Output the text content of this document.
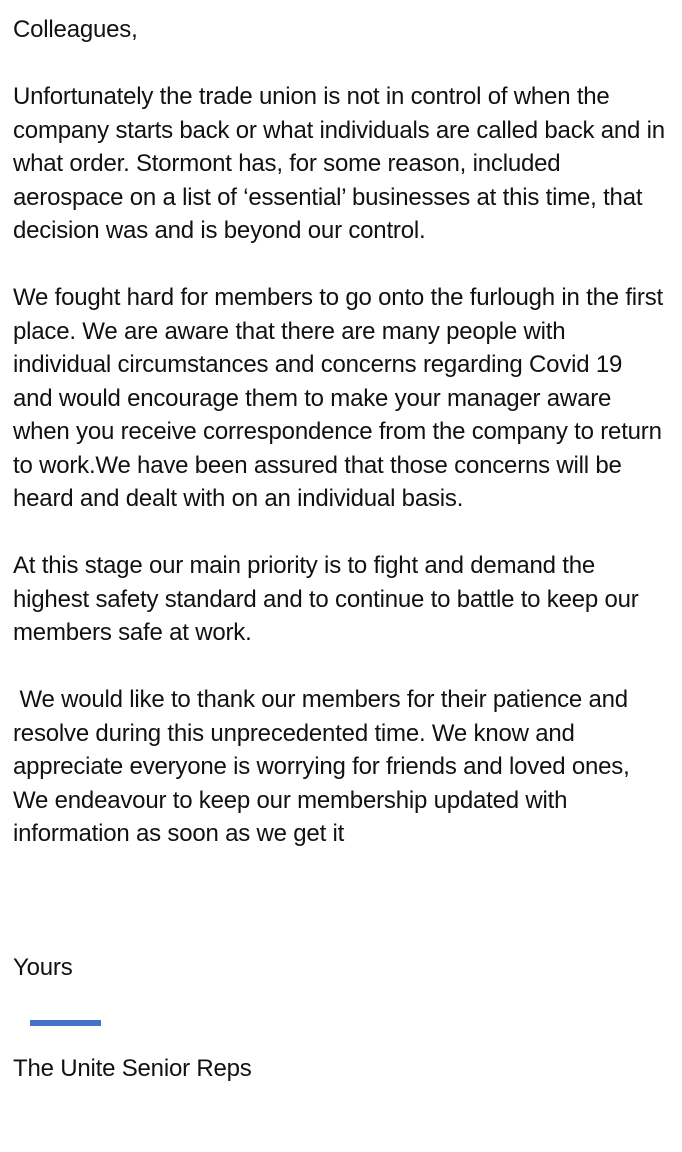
Colleagues,

Unfortunately the trade union is not in control of when the company starts back or what individuals are called back and in what order. Stormont has, for some reason, included aerospace on a list of ‘essential’ businesses at this time, that decision was and is beyond our control.

We fought hard for members to go onto the furlough in the first place. We are aware that there are many people with individual circumstances and concerns regarding Covid 19 and would encourage them to make your manager aware when you receive correspondence from the company to return to work.We have been assured that those concerns will be heard and dealt with on an individual basis.

At this stage our main priority is to fight and demand the highest safety standard and to continue to battle to keep our members safe at work.

We would like to thank our members for their patience and resolve during this unprecedented time. We know and appreciate everyone is worrying for friends and loved ones, We endeavour to keep our membership updated with information as soon as we get it

Yours

The Unite Senior Reps
